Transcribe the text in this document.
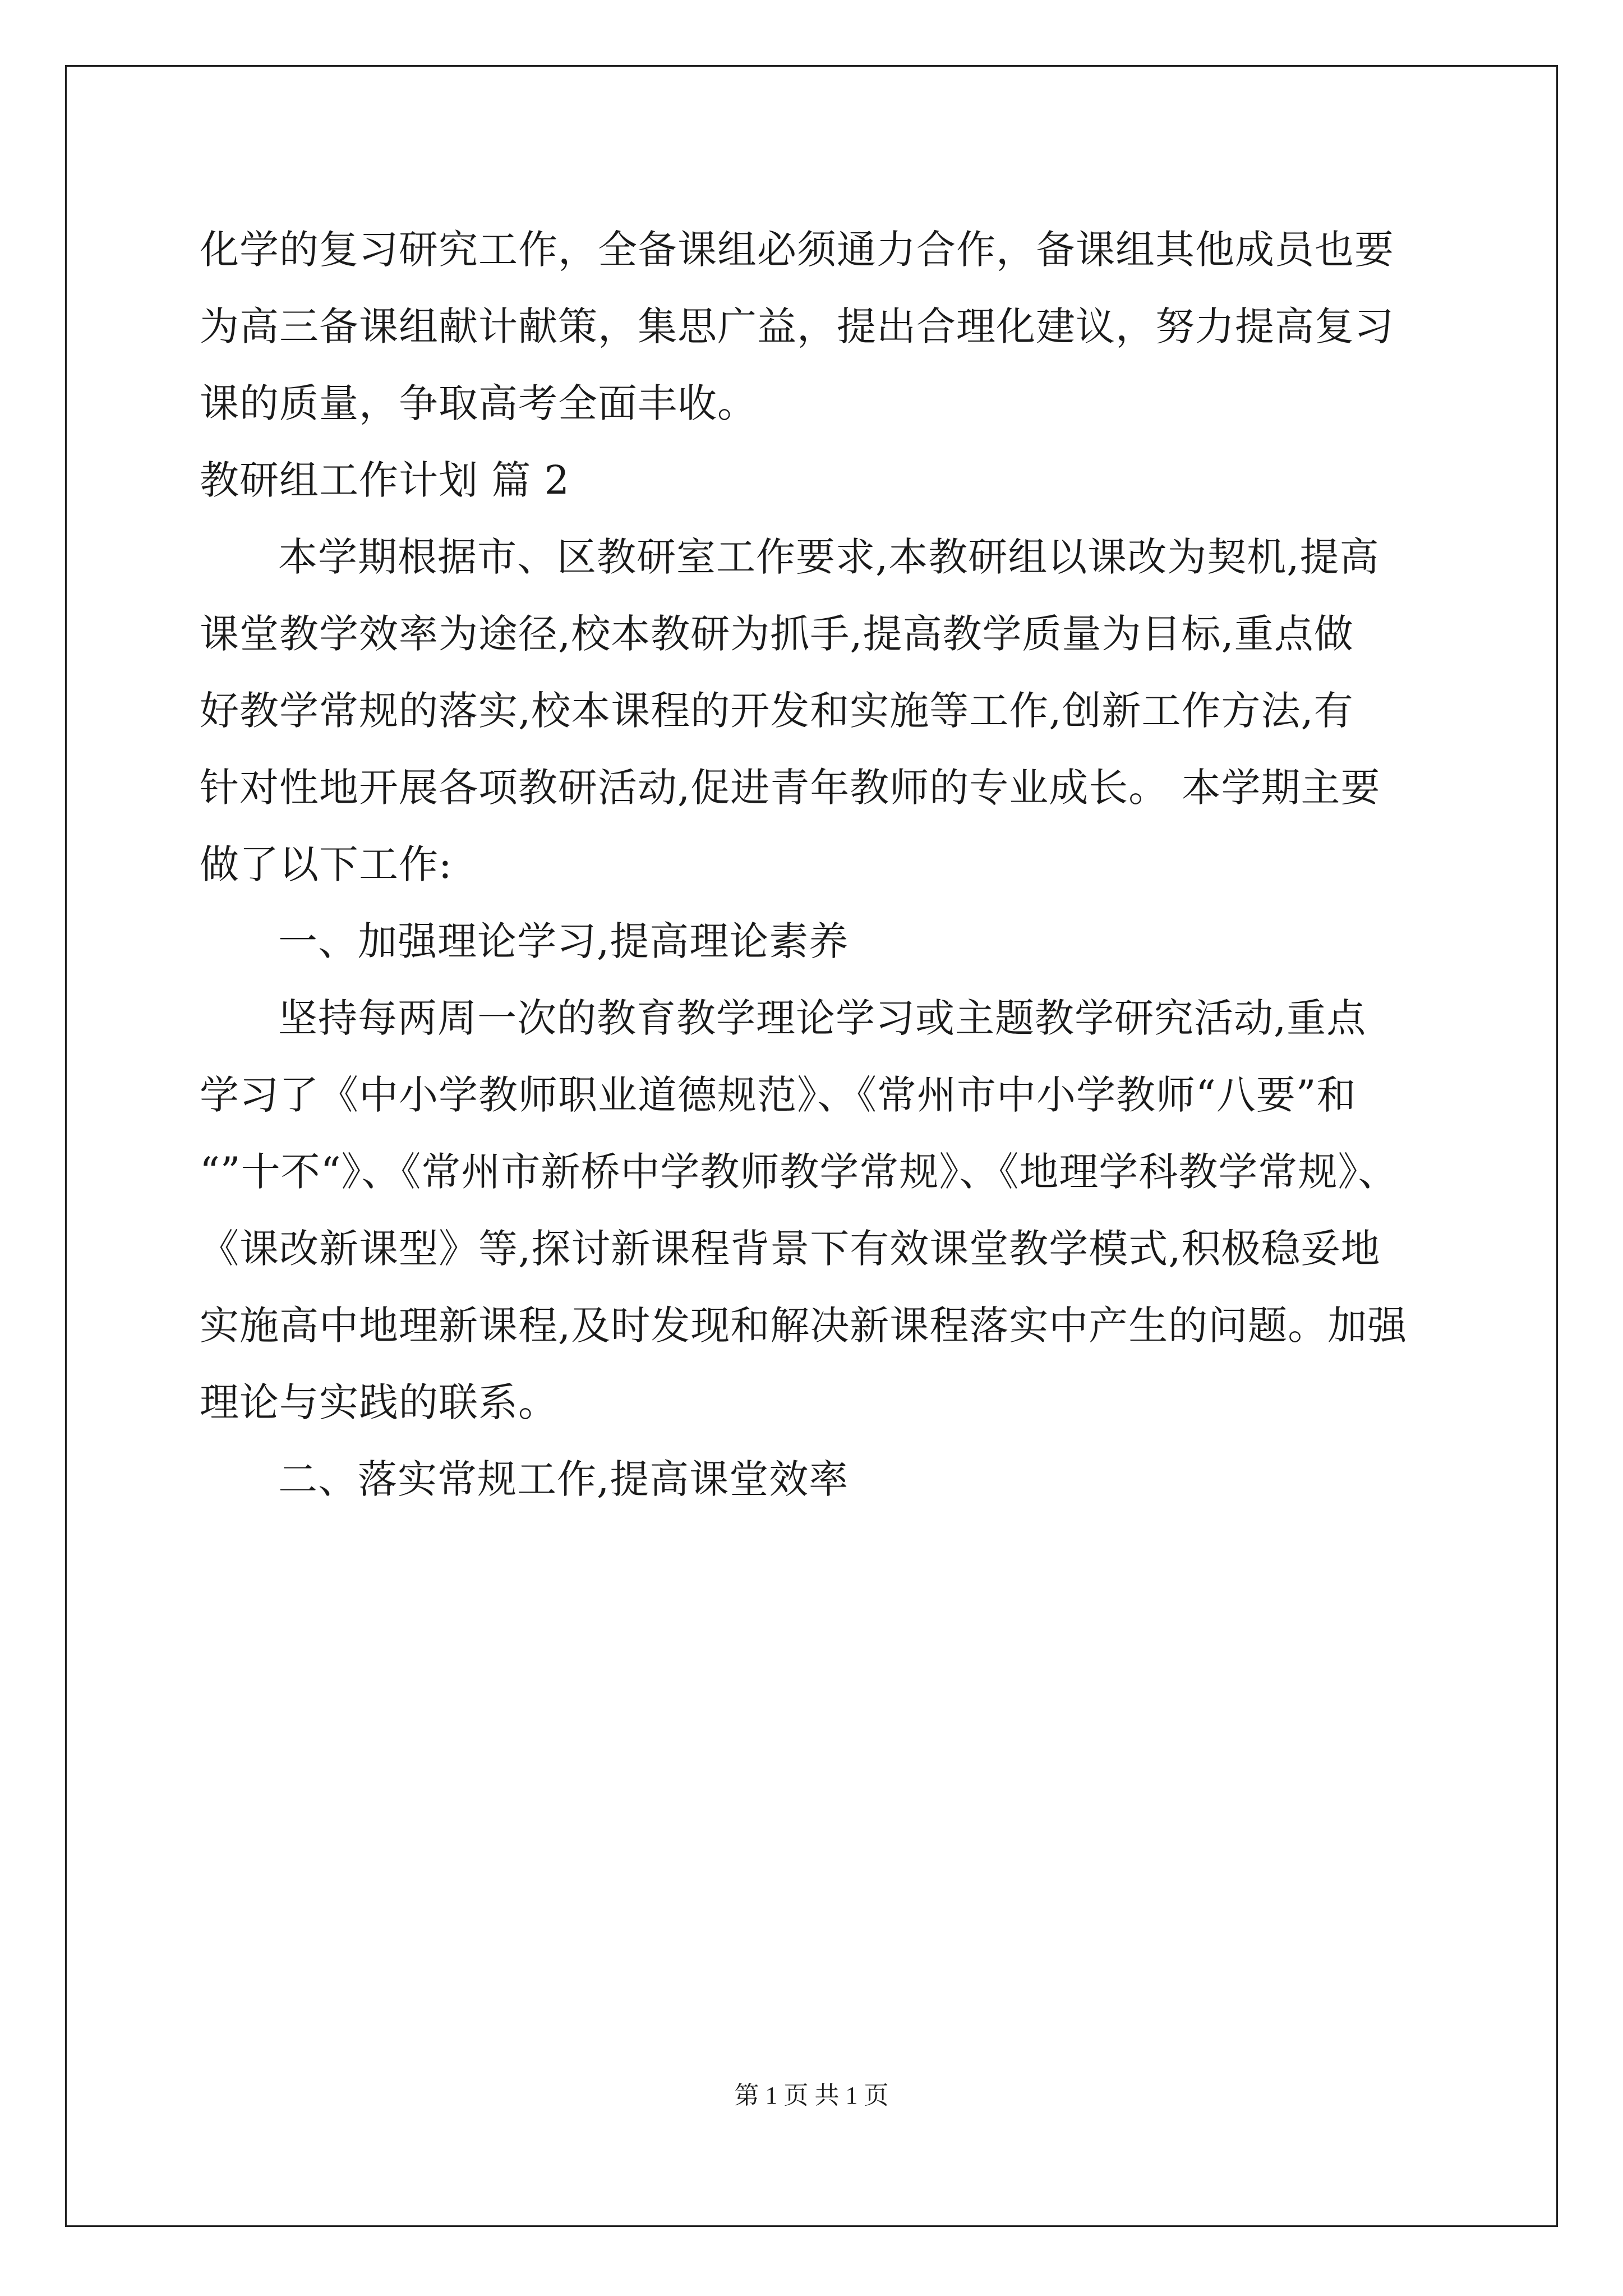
化学的复习研究工作，全备课组必须通力合作，备课组其他成员也要
为高三备课组献计献策，集思广益，提出合理化建议，努力提高复习
课的质量，争取高考全面丰收。
教研组工作计划 篇 2
本学期根据市、区教研室工作要求,本教研组以课改为契机,提高
课堂教学效率为途径,校本教研为抓手,提高教学质量为目标,重点做
好教学常规的落实,校本课程的开发和实施等工作,创新工作方法,有
针对性地开展各项教研活动,促进青年教师的专业成长。 本学期主要
做了以下工作:
一、加强理论学习,提高理论素养
坚持每两周一次的教育教学理论学习或主题教学研究活动,重点
学习了《中小学教师职业道德规范》、《常州市中小学教师“八要”和
“”十不“》、《常州市新桥中学教师教学常规》、《地理学科教学常规》、
《课改新课型》等,探讨新课程背景下有效课堂教学模式,积极稳妥地
实施高中地理新课程,及时发现和解决新课程落实中产生的问题。加强
理论与实践的联系。
二、落实常规工作,提高课堂效率
第 1 页 共 1 页
